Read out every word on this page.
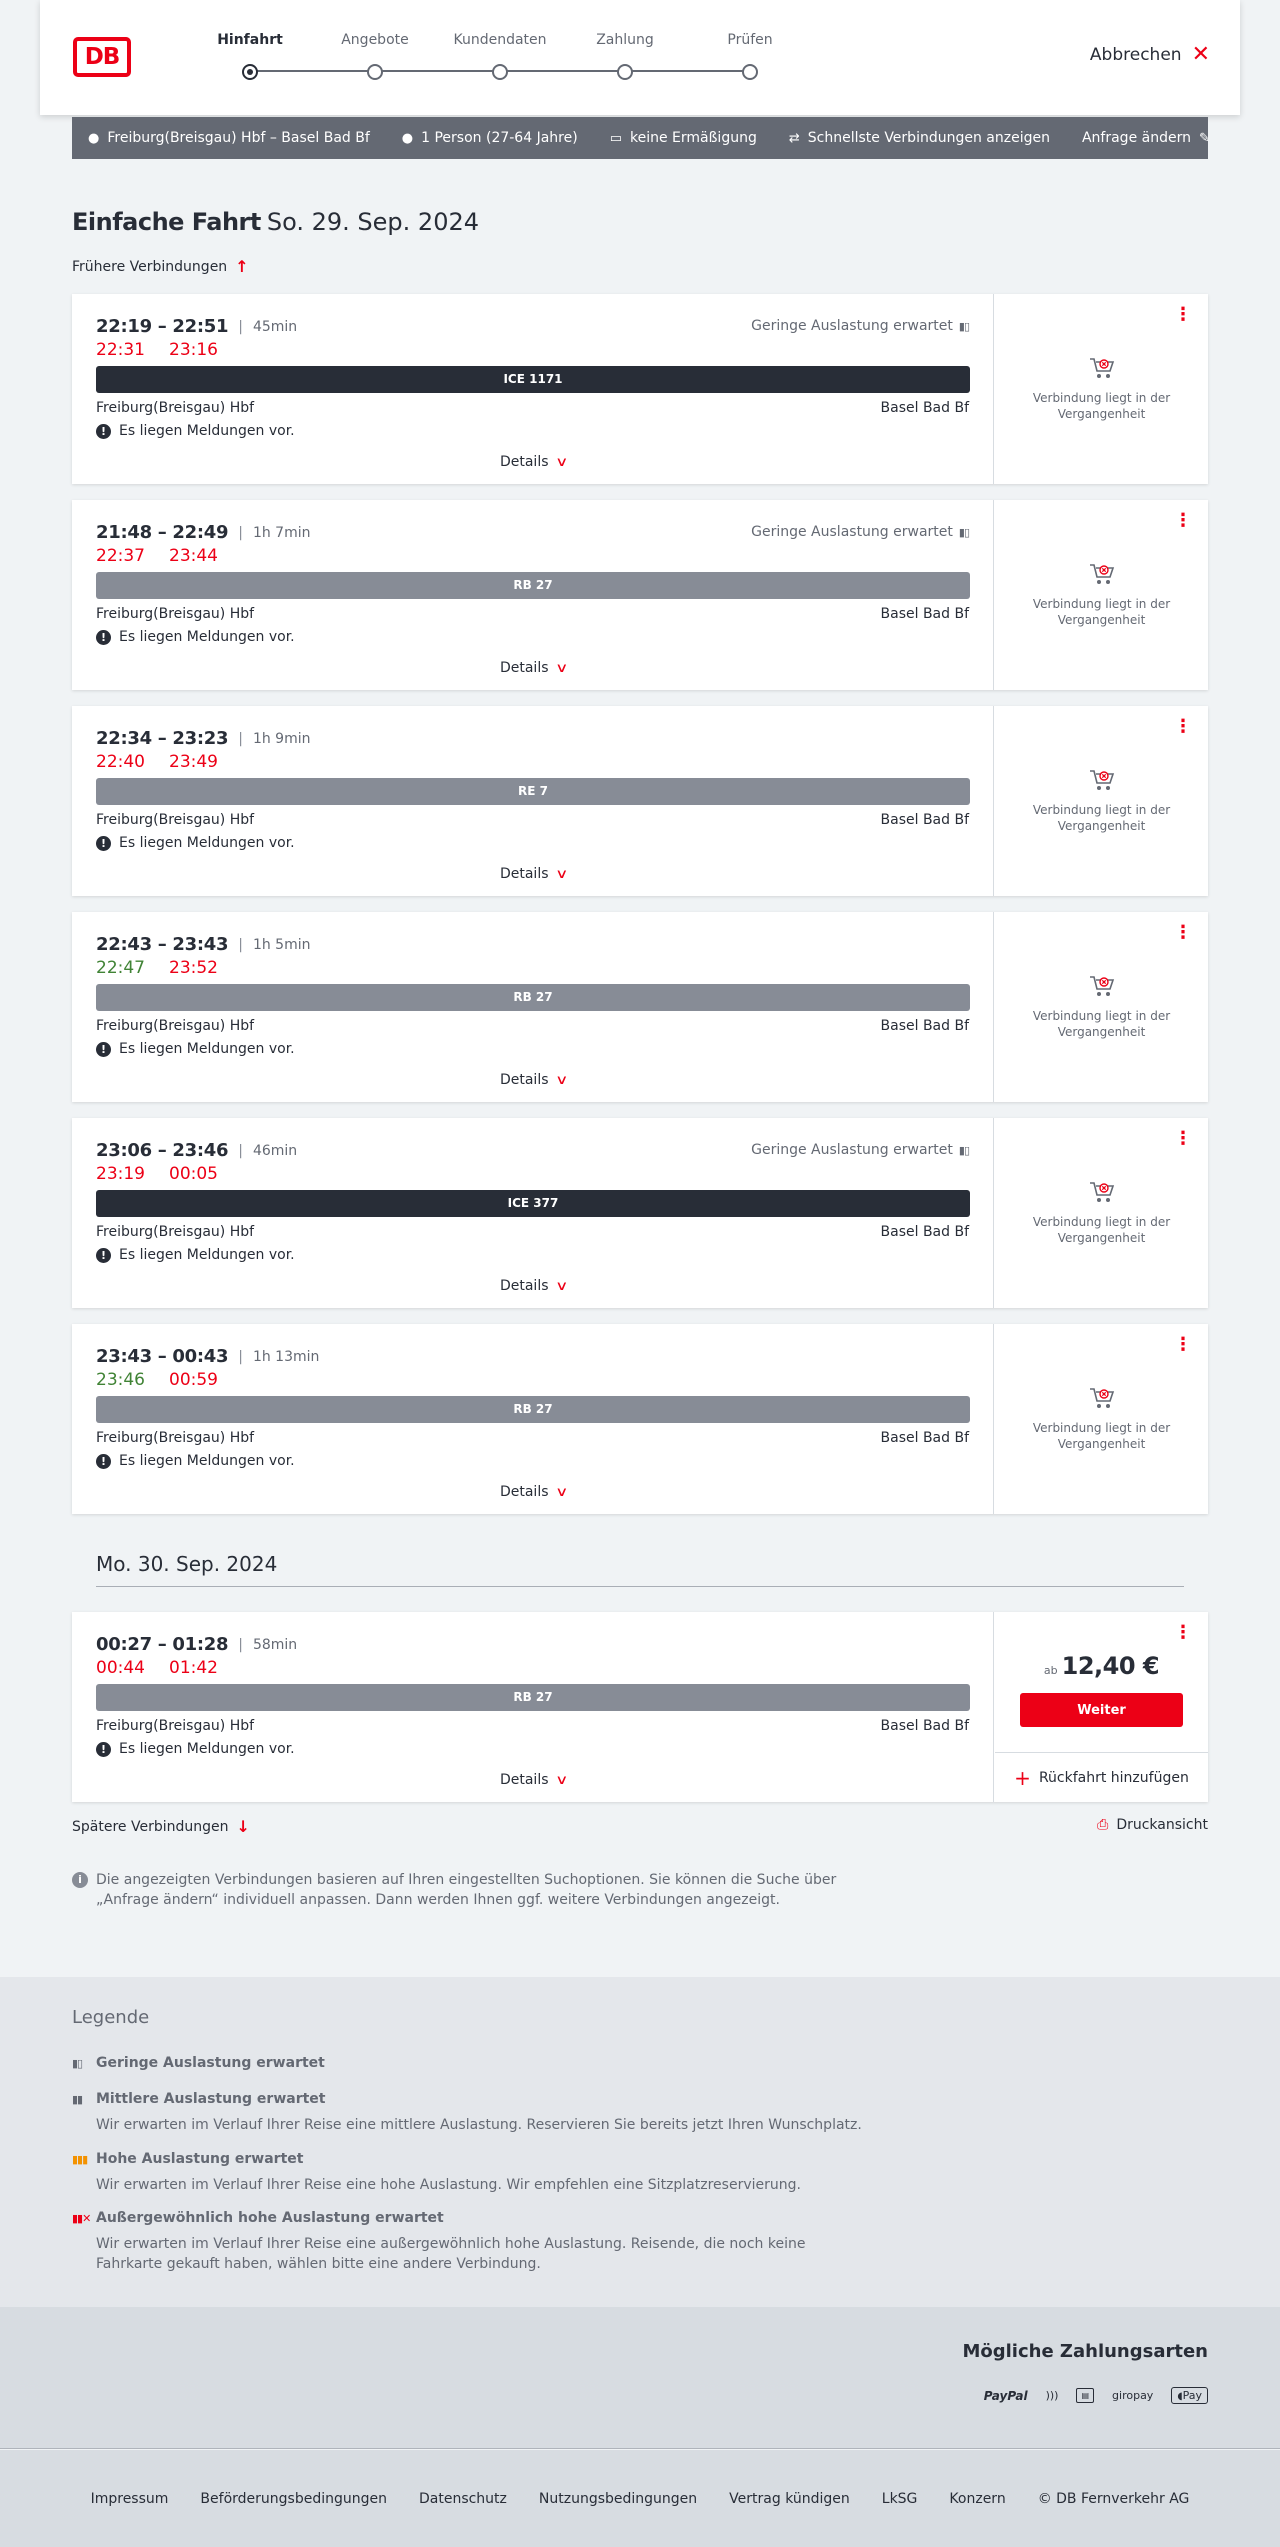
DB
Hinfahrt	Angebote	Kundendaten	Zahlung	Prüfen
Abbrechen ✕
● Freiburg(Breisgau) Hbf – Basel Bad Bf ● 1 Person (27-64 Jahre) ▭ keine Ermäßigung ⇄ Schnellste Verbindungen anzeigen Anfrage ändern ✎
Einfache Fahrt So. 29. Sep. 2024
Frühere Verbindungen ↑
22:19 – 22:51 | 45min
22:31 23:16
Geringe Auslastung erwartet ▮▯
ICE 1171
Freiburg(Breisgau) Hbf	Basel Bad Bf
! Es liegen Meldungen vor.
Details ∨
⋮
Verbindung liegt in der Vergangenheit
21:48 – 22:49 | 1h 7min
22:37 23:44
Geringe Auslastung erwartet ▮▯
RB 27
Freiburg(Breisgau) Hbf	Basel Bad Bf
! Es liegen Meldungen vor.
Details ∨
⋮
Verbindung liegt in der Vergangenheit
22:34 – 23:23 | 1h 9min
22:40 23:49
RE 7
Freiburg(Breisgau) Hbf	Basel Bad Bf
! Es liegen Meldungen vor.
Details ∨
⋮
Verbindung liegt in der Vergangenheit
22:43 – 23:43 | 1h 5min
22:47 23:52
RB 27
Freiburg(Breisgau) Hbf	Basel Bad Bf
! Es liegen Meldungen vor.
Details ∨
⋮
Verbindung liegt in der Vergangenheit
23:06 – 23:46 | 46min
23:19 00:05
Geringe Auslastung erwartet ▮▯
ICE 377
Freiburg(Breisgau) Hbf	Basel Bad Bf
! Es liegen Meldungen vor.
Details ∨
⋮
Verbindung liegt in der Vergangenheit
23:43 – 00:43 | 1h 13min
23:46 00:59
RB 27
Freiburg(Breisgau) Hbf	Basel Bad Bf
! Es liegen Meldungen vor.
Details ∨
⋮
Verbindung liegt in der Vergangenheit
00:27 – 01:28 | 58min
00:44 01:42
RB 27
Freiburg(Breisgau) Hbf	Basel Bad Bf
! Es liegen Meldungen vor.
Details ∨
⋮
ab 12,40 €
Weiter
+ Rückfahrt hinzufügen
Mo. 30. Sep. 2024
Spätere Verbindungen ↓	⎙ Druckansicht
i	Die angezeigten Verbindungen basieren auf Ihren eingestellten Suchoptionen. Sie können die Suche über „Anfrage ändern“ individuell anpassen. Dann werden Ihnen ggf. weitere Verbindungen angezeigt.
Legende
▮▯ Geringe Auslastung erwartet
▮▮ Mittlere Auslastung erwartet
Wir erwarten im Verlauf Ihrer Reise eine mittlere Auslastung. Reservieren Sie bereits jetzt Ihren Wunschplatz.
▮▮▮ Hohe Auslastung erwartet
Wir erwarten im Verlauf Ihrer Reise eine hohe Auslastung. Wir empfehlen eine Sitzplatzreservierung.
▮▮✕ Außergewöhnlich hohe Auslastung erwartet
Wir erwarten im Verlauf Ihrer Reise eine außergewöhnlich hohe Auslastung. Reisende, die noch keine Fahrkarte gekauft haben, wählen bitte eine andere Verbindung.
Mögliche Zahlungsarten
PayPal )))	▤	giropay	◖Pay
Impressum Beförderungsbedingungen Datenschutz Nutzungsbedingungen Vertrag kündigen LkSG Konzern © DB Fernverkehr AG
